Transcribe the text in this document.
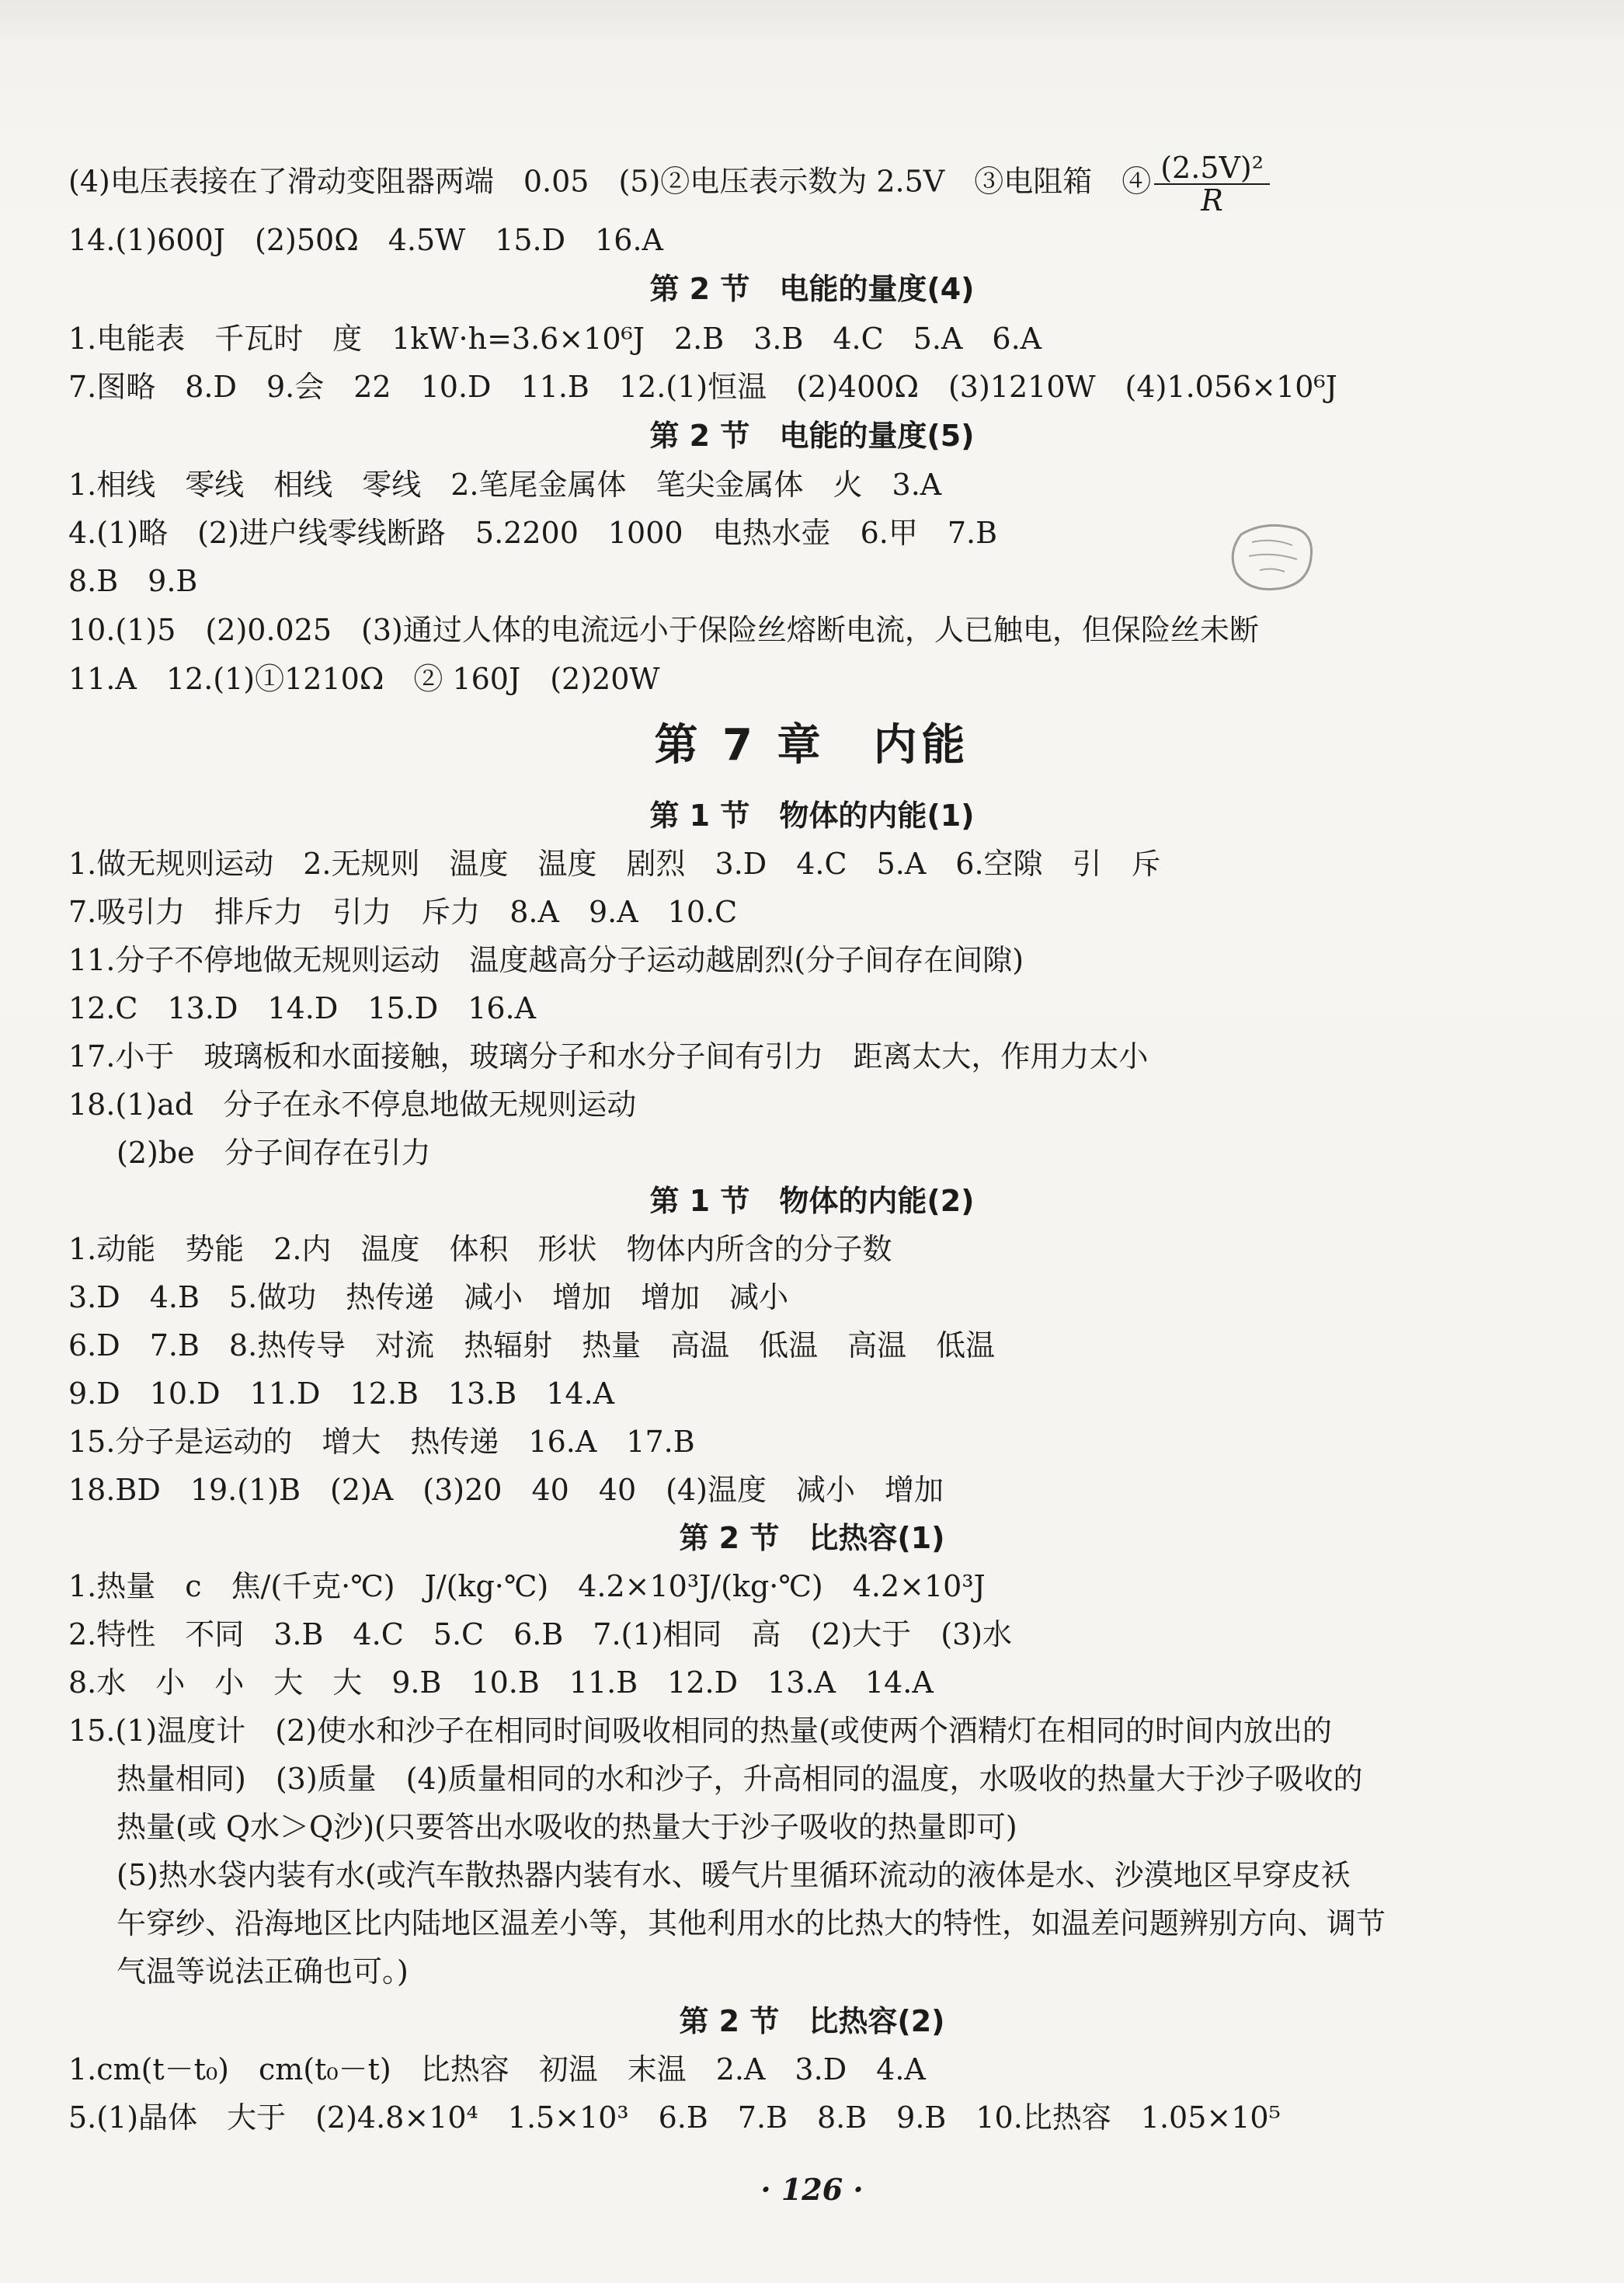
(4)电压表接在了滑动变阻器两端　0.05　(5)②电压表示数为 2.5V　③电阻箱　④ $\frac{\text{(2.5V)²}}{R}$
14.(1)600J　(2)50Ω　4.5W　15.D　16.A
第 2 节　电能的量度(4)
1.电能表　千瓦时　度　1kW·h=3.6×10⁶J　2.B　3.B　4.C　5.A　6.A
7.图略　8.D　9.会　22　10.D　11.B　12.(1)恒温　(2)400Ω　(3)1210W　(4)1.056×10⁶J
第 2 节　电能的量度(5)
1.相线　零线　相线　零线　2.笔尾金属体　笔尖金属体　火　3.A
4.(1)略　(2)进户线零线断路　5.2200　1000　电热水壶　6.甲　7.B
8.B　9.B
10.(1)5　(2)0.025　(3)通过人体的电流远小于保险丝熔断电流，人已触电，但保险丝未断
11.A　12.(1)①1210Ω　② 160J　(2)20W
第 7 章　内能
第 1 节　物体的内能(1)
1.做无规则运动　2.无规则　温度　温度　剧烈　3.D　4.C　5.A　6.空隙　引　斥
7.吸引力　排斥力　引力　斥力　8.A　9.A　10.C
11.分子不停地做无规则运动　温度越高分子运动越剧烈(分子间存在间隙)
12.C　13.D　14.D　15.D　16.A
17.小于　玻璃板和水面接触，玻璃分子和水分子间有引力　距离太大，作用力太小
18.(1)ad　分子在永不停息地做无规则运动
(2)be　分子间存在引力
第 1 节　物体的内能(2)
1.动能　势能　2.内　温度　体积　形状　物体内所含的分子数
3.D　4.B　5.做功　热传递　减小　增加　增加　减小
6.D　7.B　8.热传导　对流　热辐射　热量　高温　低温　高温　低温
9.D　10.D　11.D　12.B　13.B　14.A
15.分子是运动的　增大　热传递　16.A　17.B
18.BD　19.(1)B　(2)A　(3)20　40　40　(4)温度　减小　增加
第 2 节　比热容(1)
1.热量　c　焦/(千克·℃)　J/(kg·℃)　4.2×10³J/(kg·℃)　4.2×10³J
2.特性　不同　3.B　4.C　5.C　6.B　7.(1)相同　高　(2)大于　(3)水
8.水　小　小　大　大　9.B　10.B　11.B　12.D　13.A　14.A
15.(1)温度计　(2)使水和沙子在相同时间吸收相同的热量(或使两个酒精灯在相同的时间内放出的
热量相同)　(3)质量　(4)质量相同的水和沙子，升高相同的温度，水吸收的热量大于沙子吸收的
热量(或 Q水＞Q沙)(只要答出水吸收的热量大于沙子吸收的热量即可)
(5)热水袋内装有水(或汽车散热器内装有水、暖气片里循环流动的液体是水、沙漠地区早穿皮袄
午穿纱、沿海地区比内陆地区温差小等，其他利用水的比热大的特性，如温差问题辨别方向、调节
气温等说法正确也可。)
第 2 节　比热容(2)
1.cm(t－t₀)　cm(t₀－t)　比热容　初温　末温　2.A　3.D　4.A
5.(1)晶体　大于　(2)4.8×10⁴　1.5×10³　6.B　7.B　8.B　9.B　10.比热容　1.05×10⁵
· 126 ·
